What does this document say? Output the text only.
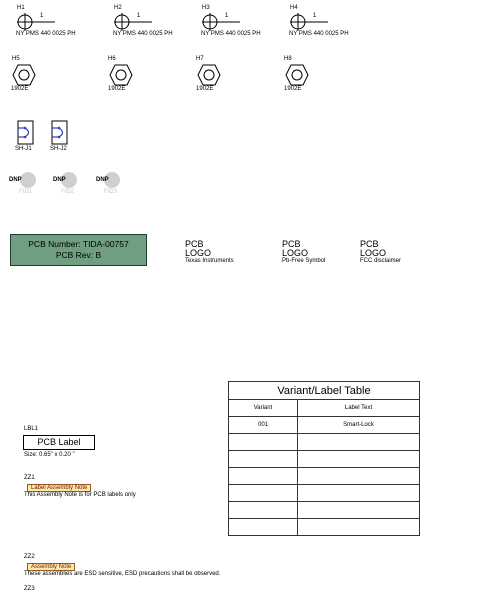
H1
1
NY PMS 440 0025 PH
H2
1
NY PMS 440 0025 PH
H3
1
NY PMS 440 0025 PH
H4
1
NY PMS 440 0025 PH
H5
1902E
H6
1902E
H7
1902E
H8
1902E
SH-J1	SH-J2
DNP
FID1
DNP
FID2
DNP
FID3
PCB Number: TIDA-00757
PCB Rev: B
PCB
LOGO
Texas Instruments
PCB
LOGO
Pb-Free Symbol
PCB
LOGO
FCC disclaimer
LBL1
PCB Label
Size: 0.65" x 0.20 "
ZZ1
Label Assembly Note
This Assembly Note is for PCB labels only
ZZ2
Assembly Note
These assemblies are ESD sensitive, ESD precautions shall be observed.
ZZ3
Variant/Label Table	
Variant	Label Text
001	Smart-Lock
